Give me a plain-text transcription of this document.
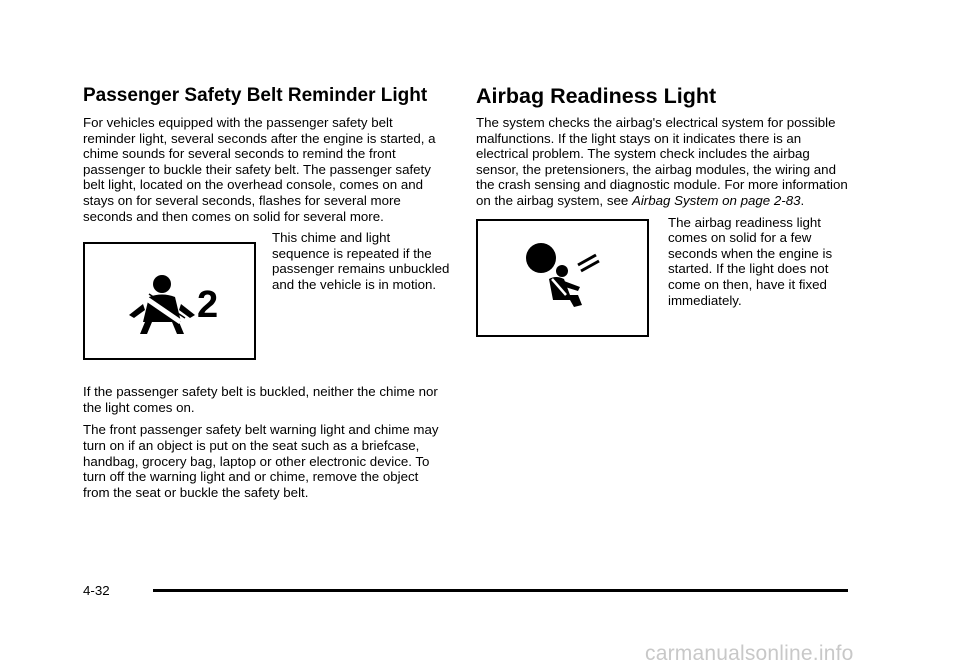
Passenger Safety Belt Reminder Light

For vehicles equipped with the passenger safety belt reminder light, several seconds after the engine is started, a chime sounds for several seconds to remind the front passenger to buckle their safety belt. The passenger safety belt light, located on the overhead console, comes on and stays on for several seconds, flashes for several more seconds and then comes on solid for several more.

2
This chime and light sequence is repeated if the passenger remains unbuckled and the vehicle is in motion.

If the passenger safety belt is buckled, neither the chime nor the light comes on.

The front passenger safety belt warning light and chime may turn on if an object is put on the seat such as a briefcase, handbag, grocery bag, laptop or other electronic device. To turn off the warning light and or chime, remove the object from the seat or buckle the safety belt.

Airbag Readiness Light

The system checks the airbag's electrical system for possible malfunctions. If the light stays on it indicates there is an electrical problem. The system check includes the airbag sensor, the pretensioners, the airbag modules, the wiring and the crash sensing and diagnostic module. For more information on the airbag system, see Airbag System on page 2-83.

The airbag readiness light comes on solid for a few seconds when the engine is started. If the light does not come on then, have it fixed immediately.
4-32
carmanualsonline.info
